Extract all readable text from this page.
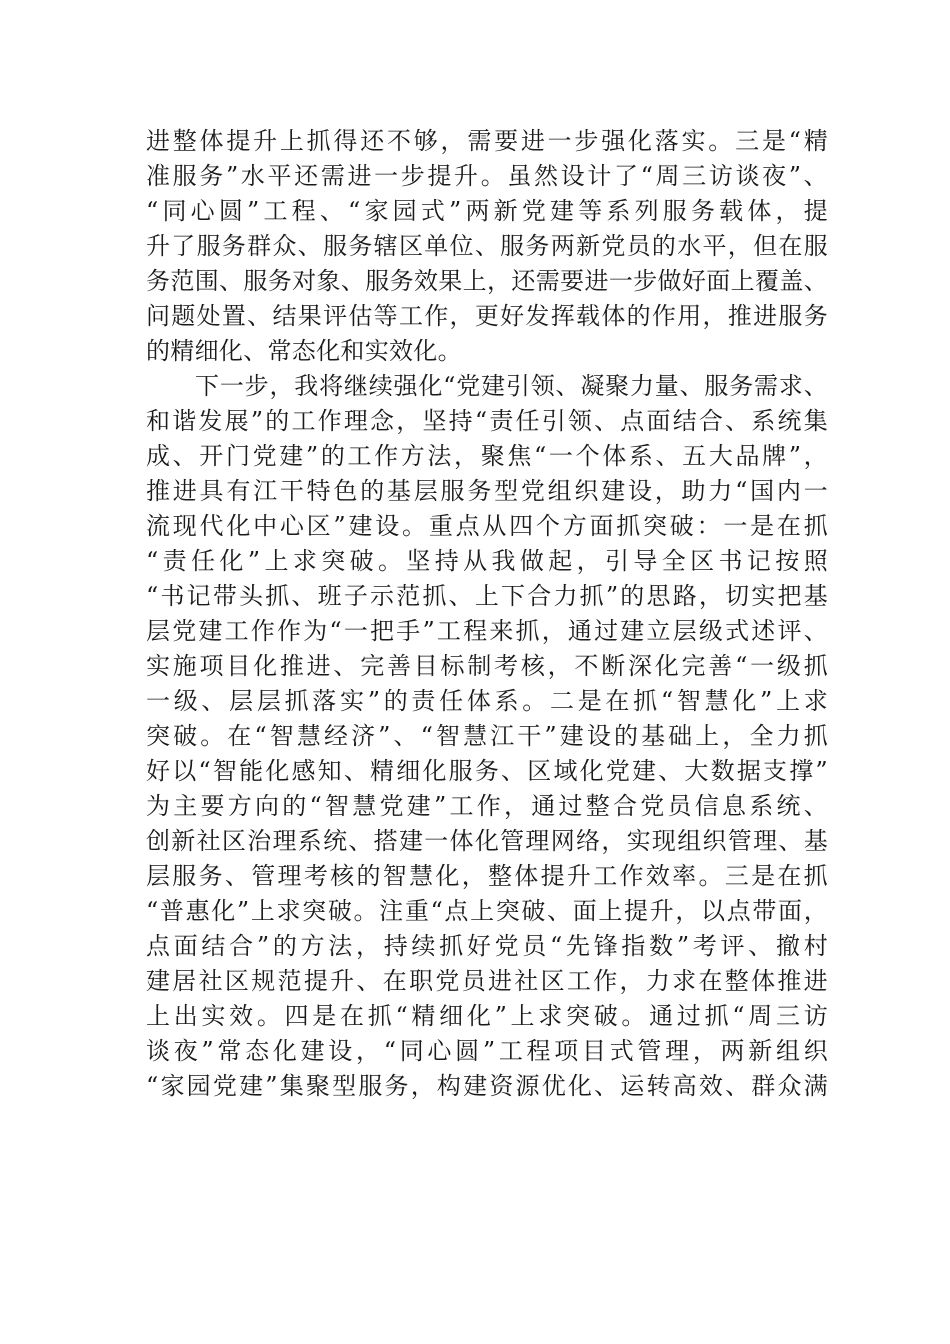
进整体提升上抓得还不够，需要进一步强化落实。三是“精
准服务”水平还需进一步提升。虽然设计了“周三访谈夜”、
“同心圆”工程、“家园式”两新党建等系列服务载体，提
升了服务群众、服务辖区单位、服务两新党员的水平，但在服
务范围、服务对象、服务效果上，还需要进一步做好面上覆盖、
问题处置、结果评估等工作，更好发挥载体的作用，推进服务
的精细化、常态化和实效化。
下一步，我将继续强化“党建引领、凝聚力量、服务需求、
和谐发展”的工作理念，坚持“责任引领、点面结合、系统集
成、开门党建”的工作方法，聚焦“一个体系、五大品牌”，
推进具有江干特色的基层服务型党组织建设，助力“国内一
流现代化中心区”建设。重点从四个方面抓突破：一是在抓
“责任化”上求突破。坚持从我做起，引导全区书记按照
“书记带头抓、班子示范抓、上下合力抓”的思路，切实把基
层党建工作作为“一把手”工程来抓，通过建立层级式述评、
实施项目化推进、完善目标制考核，不断深化完善“一级抓
一级、层层抓落实”的责任体系。二是在抓“智慧化”上求
突破。在“智慧经济”、“智慧江干”建设的基础上，全力抓
好以“智能化感知、精细化服务、区域化党建、大数据支撑”
为主要方向的“智慧党建”工作，通过整合党员信息系统、
创新社区治理系统、搭建一体化管理网络，实现组织管理、基
层服务、管理考核的智慧化，整体提升工作效率。三是在抓
“普惠化”上求突破。注重“点上突破、面上提升，以点带面，
点面结合”的方法，持续抓好党员“先锋指数”考评、撤村
建居社区规范提升、在职党员进社区工作，力求在整体推进
上出实效。四是在抓“精细化”上求突破。通过抓“周三访
谈夜”常态化建设，“同心圆”工程项目式管理，两新组织
“家园党建”集聚型服务，构建资源优化、运转高效、群众满
